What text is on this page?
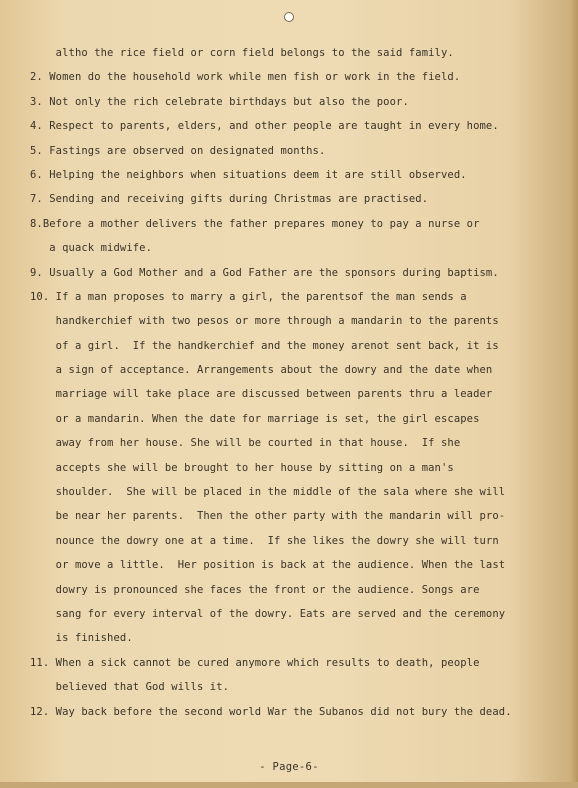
altho the rice field or corn field belongs to the said family.
2. Women do the household work while men fish or work in the field.
3. Not only the rich celebrate birthdays but also the poor.
4. Respect to parents, elders, and other people are taught in every home.
5. Fastings are observed on designated months.
6. Helping the neighbors when situations deem it are still observed.
7. Sending and receiving gifts during Christmas are practised.
8.Before a mother delivers the father prepares money to pay a nurse or
a quack midwife.
9. Usually a God Mother and a God Father are the sponsors during baptism.
10. If a man proposes to marry a girl, the parentsof the man sends a
handkerchief with two pesos or more through a mandarin to the parents
of a girl.  If the handkerchief and the money arenot sent back, it is
a sign of acceptance. Arrangements about the dowry and the date when
marriage will take place are discussed between parents thru a leader
or a mandarin. When the date for marriage is set, the girl escapes
away from her house. She will be courted in that house.  If she
accepts she will be brought to her house by sitting on a man's
shoulder.  She will be placed in the middle of the sala where she will
be near her parents.  Then the other party with the mandarin will pro-
nounce the dowry one at a time.  If she likes the dowry she will turn
or move a little.  Her position is back at the audience. When the last
dowry is pronounced she faces the front or the audience. Songs are
sang for every interval of the dowry. Eats are served and the ceremony
is finished.
11. When a sick cannot be cured anymore which results to death, people
believed that God wills it.
12. Way back before the second world War the Subanos did not bury the dead.
- Page-6-
